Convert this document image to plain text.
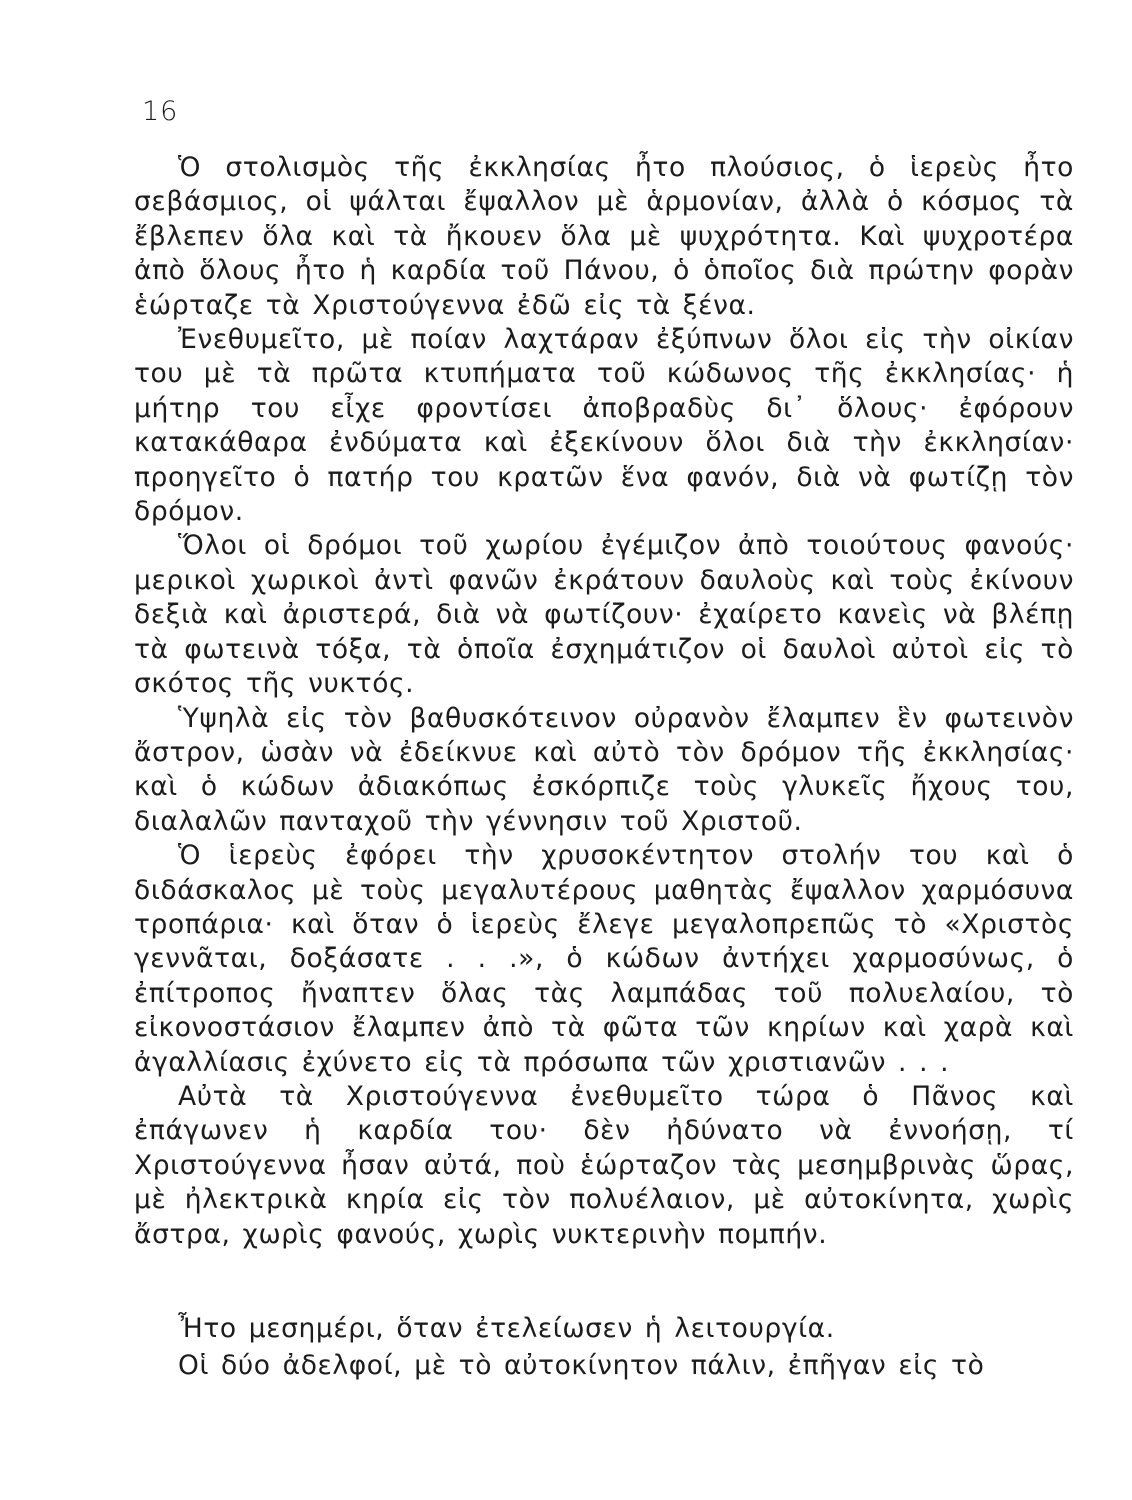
16

Ὁ στολισμὸς τῆς ἐκκλησίας ἦτο πλούσιος, ὁ ἱερεὺς ἦτο σεβάσμιος, οἱ ψάλται ἔψαλλον μὲ ἁρμονίαν, ἀλλὰ ὁ κόσμος τὰ ἔβλεπεν ὅλα καὶ τὰ ἤκουεν ὅλα μὲ ψυχρότητα. Καὶ ψυχροτέρα ἀπὸ ὅλους ἦτο ἡ καρδία τοῦ Πάνου, ὁ ὁποῖος διὰ πρώτην φορὰν ἑώρταζε τὰ Χριστούγεννα ἐδῶ εἰς τὰ ξένα.

Ἐνεθυμεῖτο, μὲ ποίαν λαχτάραν ἐξύπνων ὅλοι εἰς τὴν οἰκίαν του μὲ τὰ πρῶτα κτυπήματα τοῦ κώδωνος τῆς ἐκκλησίας· ἡ μήτηρ του εἶχε φροντίσει ἀποβραδὺς δι᾽ ὅλους· ἐφόρουν κατακάθαρα ἐνδύματα καὶ ἐξεκίνουν ὅλοι διὰ τὴν ἐκκλησίαν· προηγεῖτο ὁ πατήρ του κρατῶν ἕνα φανόν, διὰ νὰ φωτίζῃ τὸν δρόμον.

Ὅλοι οἱ δρόμοι τοῦ χωρίου ἐγέμιζον ἀπὸ τοιούτους φανούς· μερικοὶ χωρικοὶ ἀντὶ φανῶν ἐκράτουν δαυλοὺς καὶ τοὺς ἐκίνουν δεξιὰ καὶ ἀριστερά, διὰ νὰ φωτίζουν· ἐχαίρετο κανεὶς νὰ βλέπῃ τὰ φωτεινὰ τόξα, τὰ ὁποῖα ἐσχημάτιζον οἱ δαυλοὶ αὐτοὶ εἰς τὸ σκότος τῆς νυκτός.

Ὑψηλὰ εἰς τὸν βαθυσκότεινον οὐρανὸν ἔλαμπεν ἓν φωτεινὸν ἄστρον, ὡσὰν νὰ ἐδείκνυε καὶ αὐτὸ τὸν δρόμον τῆς ἐκκλησίας· καὶ ὁ κώδων ἀδιακόπως ἐσκόρπιζε τοὺς γλυκεῖς ἤχους του, διαλαλῶν πανταχοῦ τὴν γέννησιν τοῦ Χριστοῦ.

Ὁ ἱερεὺς ἐφόρει τὴν χρυσοκέντητον στολήν του καὶ ὁ διδάσκαλος μὲ τοὺς μεγαλυτέρους μαθητὰς ἔψαλλον χαρμόσυνα τροπάρια· καὶ ὅταν ὁ ἱερεὺς ἔλεγε μεγαλοπρεπῶς τὸ «Χριστὸς γεννᾶται, δοξάσατε . . .», ὁ κώδων ἀντήχει χαρμοσύνως, ὁ ἐπίτροπος ἤναπτεν ὅλας τὰς λαμπάδας τοῦ πολυελαίου, τὸ εἰκονοστάσιον ἔλαμπεν ἀπὸ τὰ φῶτα τῶν κηρίων καὶ χαρὰ καὶ ἀγαλλίασις ἐχύνετο εἰς τὰ πρόσωπα τῶν χριστιανῶν . . .

Αὐτὰ τὰ Χριστούγεννα ἐνεθυμεῖτο τώρα ὁ Πᾶνος καὶ ἐπάγωνεν ἡ καρδία του· δὲν ἠδύνατο νὰ ἐννοήσῃ, τί Χριστούγεννα ἦσαν αὐτά, ποὺ ἑώρταζον τὰς μεσημβρινὰς ὥρας, μὲ ἠλεκτρικὰ κηρία εἰς τὸν πολυέλαιον, μὲ αὐτοκίνητα, χωρὶς ἄστρα, χωρὶς φανούς, χωρὶς νυκτερινὴν πομπήν.

Ἦτο μεσημέρι, ὅταν ἐτελείωσεν ἡ λειτουργία.

Οἱ δύο ἀδελφοί, μὲ τὸ αὐτοκίνητον πάλιν, ἐπῆγαν εἰς τὸ
